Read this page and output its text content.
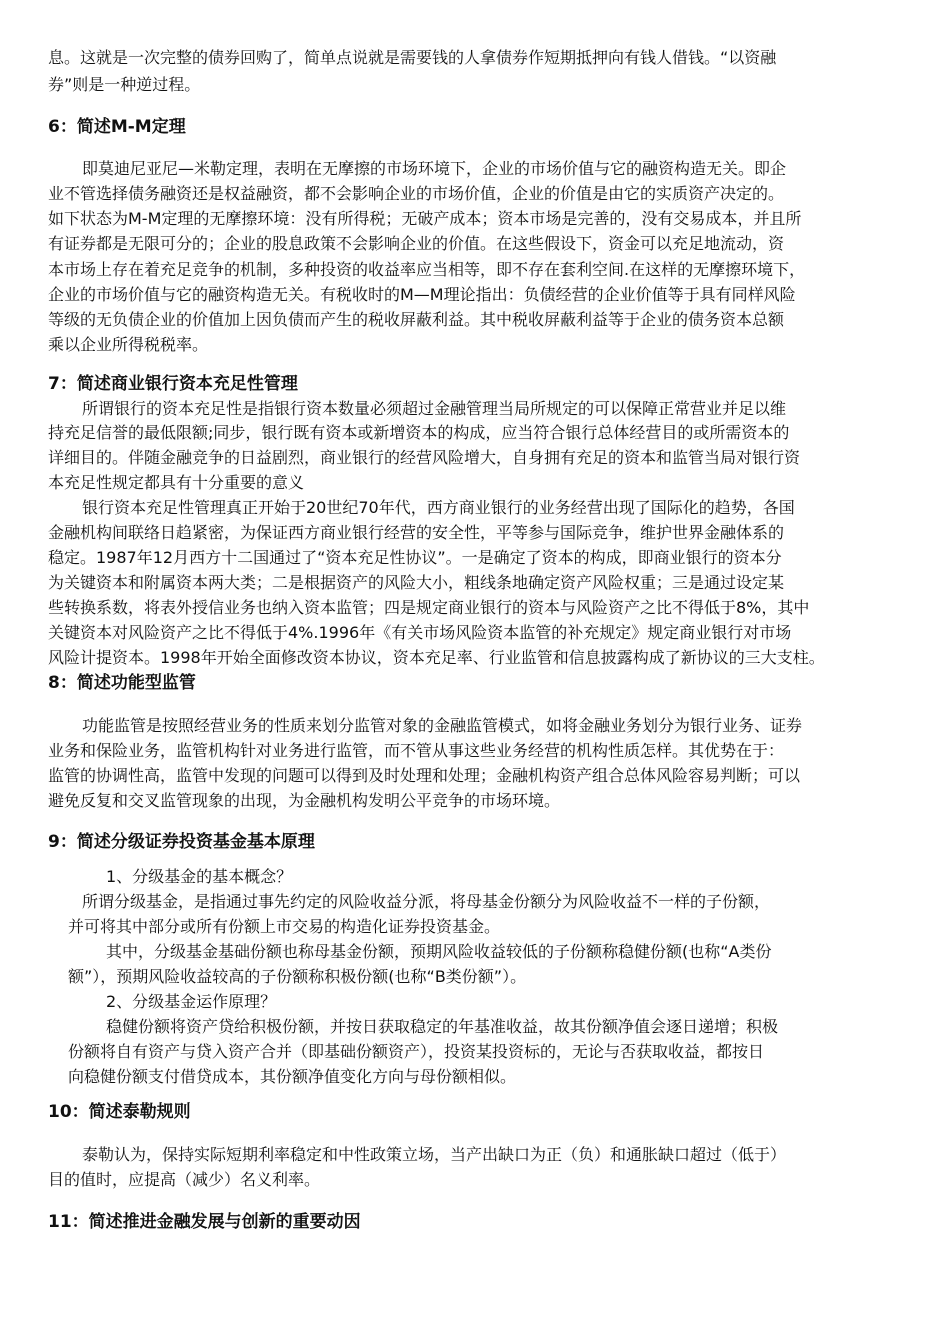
息。这就是一次完整的债券回购了，简单点说就是需要钱的人拿债券作短期抵押向有钱人借钱。“以资融
券”则是一种逆过程。
6：简述M-M定理
即莫迪尼亚尼—米勒定理，表明在无摩擦的市场环境下，企业的市场价值与它的融资构造无关。即企
业不管选择债务融资还是权益融资，都不会影响企业的市场价值，企业的价值是由它的实质资产决定的。
如下状态为M-M定理的无摩擦环境：没有所得税；无破产成本；资本市场是完善的，没有交易成本，并且所
有证券都是无限可分的；企业的股息政策不会影响企业的价值。在这些假设下，资金可以充足地流动，资
本市场上存在着充足竞争的机制，多种投资的收益率应当相等，即不存在套利空间.在这样的无摩擦环境下，
企业的市场价值与它的融资构造无关。有税收时的M—M理论指出：负债经营的企业价值等于具有同样风险
等级的无负债企业的价值加上因负债而产生的税收屏蔽利益。其中税收屏蔽利益等于企业的债务资本总额
乘以企业所得税税率。
7：简述商业银行资本充足性管理
所谓银行的资本充足性是指银行资本数量必须超过金融管理当局所规定的可以保障正常营业并足以维
持充足信誉的最低限额;同步，银行既有资本或新增资本的构成，应当符合银行总体经营目的或所需资本的
详细目的。伴随金融竞争的日益剧烈，商业银行的经营风险增大，自身拥有充足的资本和监管当局对银行资
本充足性规定都具有十分重要的意义
银行资本充足性管理真正开始于20世纪70年代，西方商业银行的业务经营出现了国际化的趋势，各国
金融机构间联络日趋紧密，为保证西方商业银行经营的安全性，平等参与国际竞争，维护世界金融体系的
稳定。1987年12月西方十二国通过了“资本充足性协议”。一是确定了资本的构成，即商业银行的资本分
为关键资本和附属资本两大类；二是根据资产的风险大小，粗线条地确定资产风险权重；三是通过设定某
些转换系数，将表外授信业务也纳入资本监管；四是规定商业银行的资本与风险资产之比不得低于8%，其中
关键资本对风险资产之比不得低于4%.1996年《有关市场风险资本监管的补充规定》规定商业银行对市场
风险计提资本。1998年开始全面修改资本协议，资本充足率、行业监管和信息披露构成了新协议的三大支柱。
8：简述功能型监管
功能监管是按照经营业务的性质来划分监管对象的金融监管模式，如将金融业务划分为银行业务、证券
业务和保险业务，监管机构针对业务进行监管，而不管从事这些业务经营的机构性质怎样。其优势在于：
监管的协调性高，监管中发现的问题可以得到及时处理和处理；金融机构资产组合总体风险容易判断；可以
避免反复和交叉监管现象的出现，为金融机构发明公平竞争的市场环境。
9：简述分级证券投资基金基本原理
1、分级基金的基本概念？
所谓分级基金，是指通过事先约定的风险收益分派，将母基金份额分为风险收益不一样的子份额，
并可将其中部分或所有份额上市交易的构造化证券投资基金。
其中，分级基金基础份额也称母基金份额，预期风险收益较低的子份额称稳健份额(也称“A类份
额”），预期风险收益较高的子份额称积极份额(也称“B类份额”）。
2、分级基金运作原理？
稳健份额将资产贷给积极份额，并按日获取稳定的年基准收益，故其份额净值会逐日递增；积极
份额将自有资产与贷入资产合并（即基础份额资产），投资某投资标的，无论与否获取收益，都按日
向稳健份额支付借贷成本，其份额净值变化方向与母份额相似。
10：简述泰勒规则
泰勒认为，保持实际短期利率稳定和中性政策立场，当产出缺口为正（负）和通胀缺口超过（低于）
目的值时，应提高（减少）名义利率。
11：简述推进金融发展与创新的重要动因
